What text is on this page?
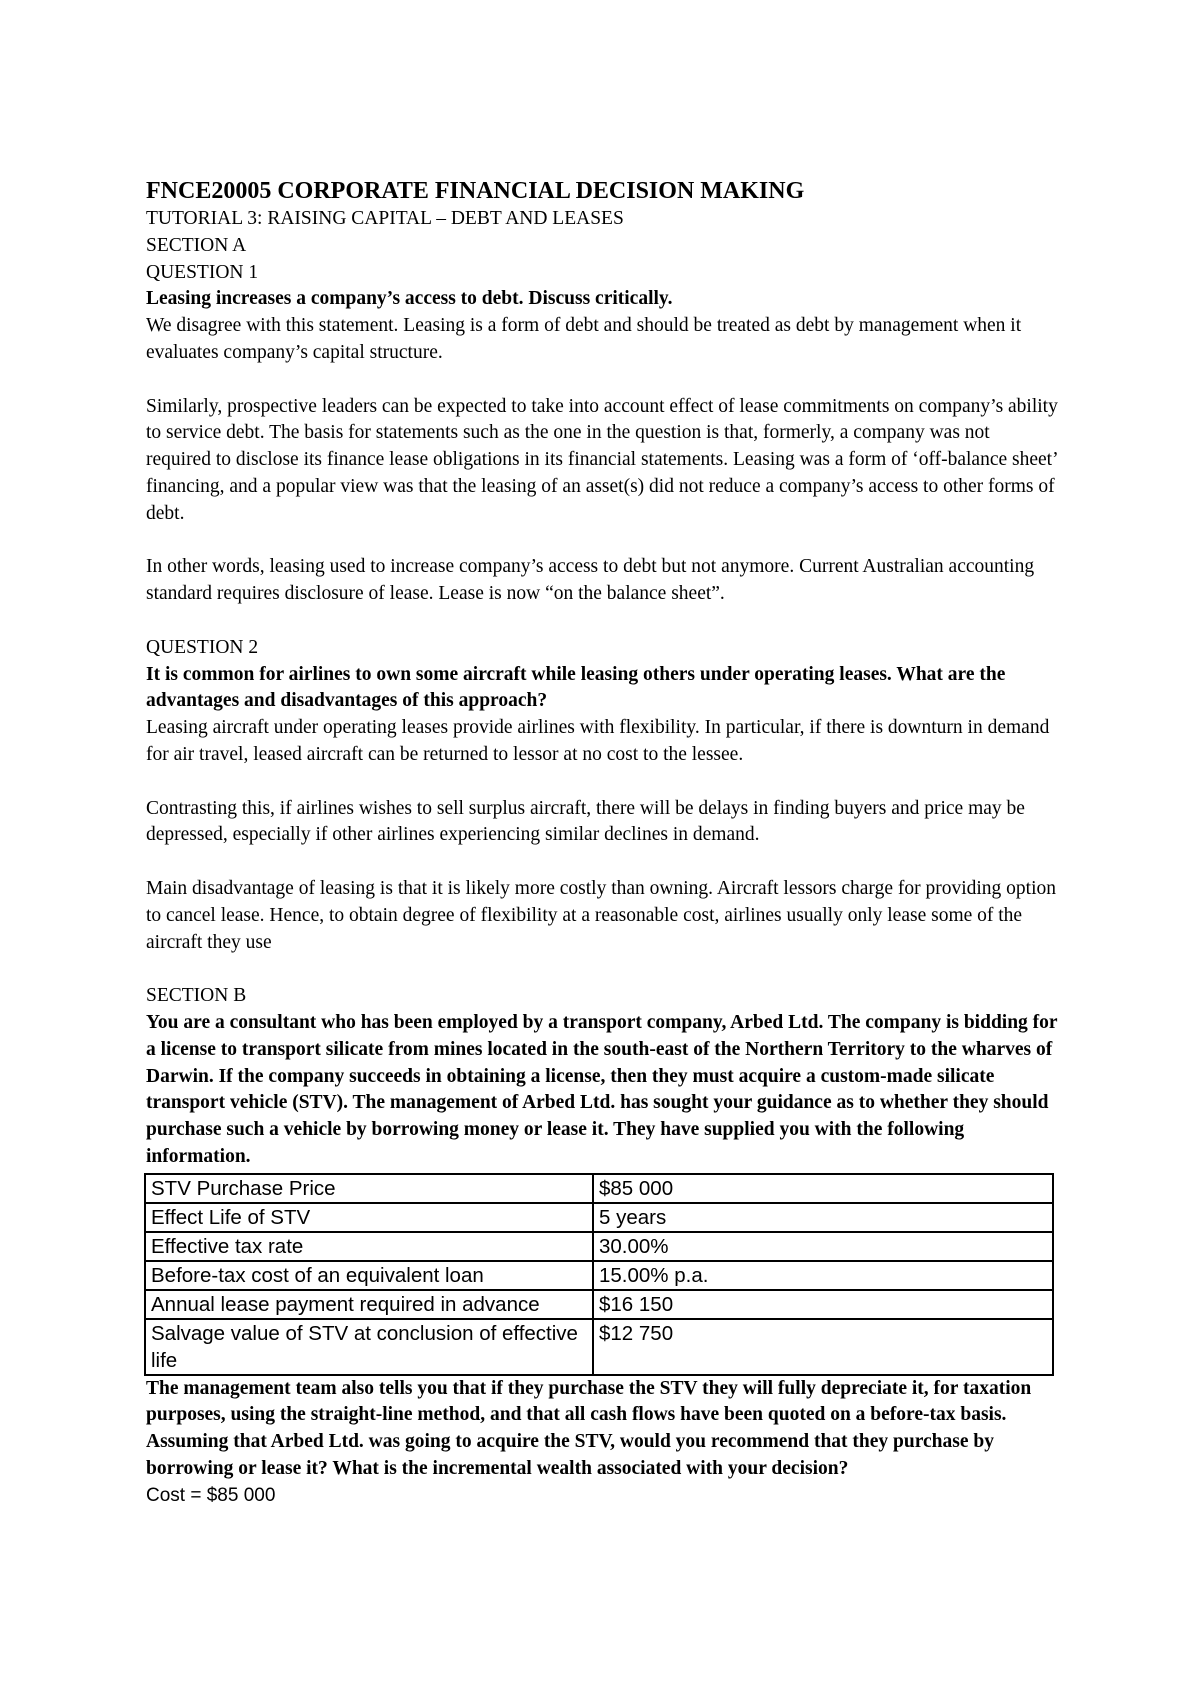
FNCE20005 CORPORATE FINANCIAL DECISION MAKING

TUTORIAL 3: RAISING CAPITAL – DEBT AND LEASES

SECTION A

QUESTION 1

Leasing increases a company’s access to debt. Discuss critically.

We disagree with this statement. Leasing is a form of debt and should be treated as debt by management when it evaluates company’s capital structure.

Similarly, prospective leaders can be expected to take into account effect of lease commitments on company’s ability to service debt. The basis for statements such as the one in the question is that, formerly, a company was not required to disclose its finance lease obligations in its financial statements. Leasing was a form of ‘off-balance sheet’ financing, and a popular view was that the leasing of an asset(s) did not reduce a company’s access to other forms of debt.

In other words, leasing used to increase company’s access to debt but not anymore. Current Australian accounting standard requires disclosure of lease. Lease is now “on the balance sheet”.

QUESTION 2

It is common for airlines to own some aircraft while leasing others under operating leases. What are the advantages and disadvantages of this approach?

Leasing aircraft under operating leases provide airlines with flexibility. In particular, if there is downturn in demand for air travel, leased aircraft can be returned to lessor at no cost to the lessee.

Contrasting this, if airlines wishes to sell surplus aircraft, there will be delays in finding buyers and price may be depressed, especially if other airlines experiencing similar declines in demand.

Main disadvantage of leasing is that it is likely more costly than owning. Aircraft lessors charge for providing option to cancel lease. Hence, to obtain degree of flexibility at a reasonable cost, airlines usually only lease some of the aircraft they use

SECTION B

You are a consultant who has been employed by a transport company, Arbed Ltd. The company is bidding for a license to transport silicate from mines located in the south-east of the Northern Territory to the wharves of Darwin. If the company succeeds in obtaining a license, then they must acquire a custom-made silicate transport vehicle (STV). The management of Arbed Ltd. has sought your guidance as to whether they should purchase such a vehicle by borrowing money or lease it. They have supplied you with the following information.

STV Purchase Price	$85 000
Effect Life of STV	5 years
Effective tax rate	30.00%
Before-tax cost of an equivalent loan	15.00% p.a.
Annual lease payment required in advance	$16 150
Salvage value of STV at conclusion of effective life	$12 750

The management team also tells you that if they purchase the STV they will fully depreciate it, for taxation purposes, using the straight-line method, and that all cash flows have been quoted on a before-tax basis.

Assuming that Arbed Ltd. was going to acquire the STV, would you recommend that they purchase by borrowing or lease it? What is the incremental wealth associated with your decision?

Cost = $85 000
